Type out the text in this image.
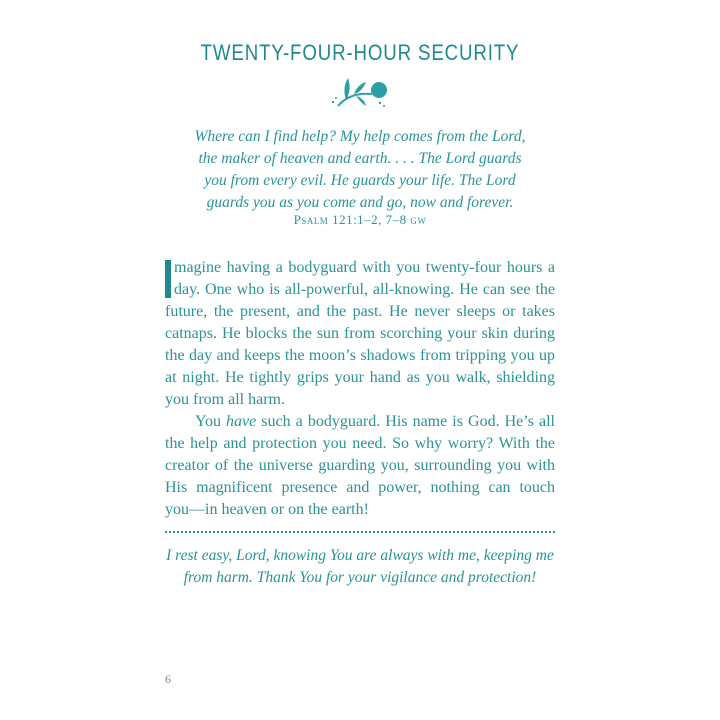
TWENTY-FOUR-HOUR SECURITY
Where can I find help? My help comes from the Lord,
the maker of heaven and earth. . . . The Lord guards
you from every evil. He guards your life. The Lord
guards you as you come and go, now and forever.
Psalm 121:1–2, 7–8 gw
magine having a bodyguard with you twenty-four hours a
day. One who is all-powerful, all-knowing. He can see the
future, the present, and the past. He never sleeps or takes
catnaps. He blocks the sun from scorching your skin during
the day and keeps the moon’s shadows from tripping you up
at night. He tightly grips your hand as you walk, shielding
you from all harm.
You have such a bodyguard. His name is God. He’s all
the help and protection you need. So why worry? With the
creator of the universe guarding you, surrounding you with
His magnificent presence and power, nothing can touch
you—in heaven or on the earth!
I rest easy, Lord, knowing You are always with me, keeping me
from harm. Thank You for your vigilance and protection!
6
